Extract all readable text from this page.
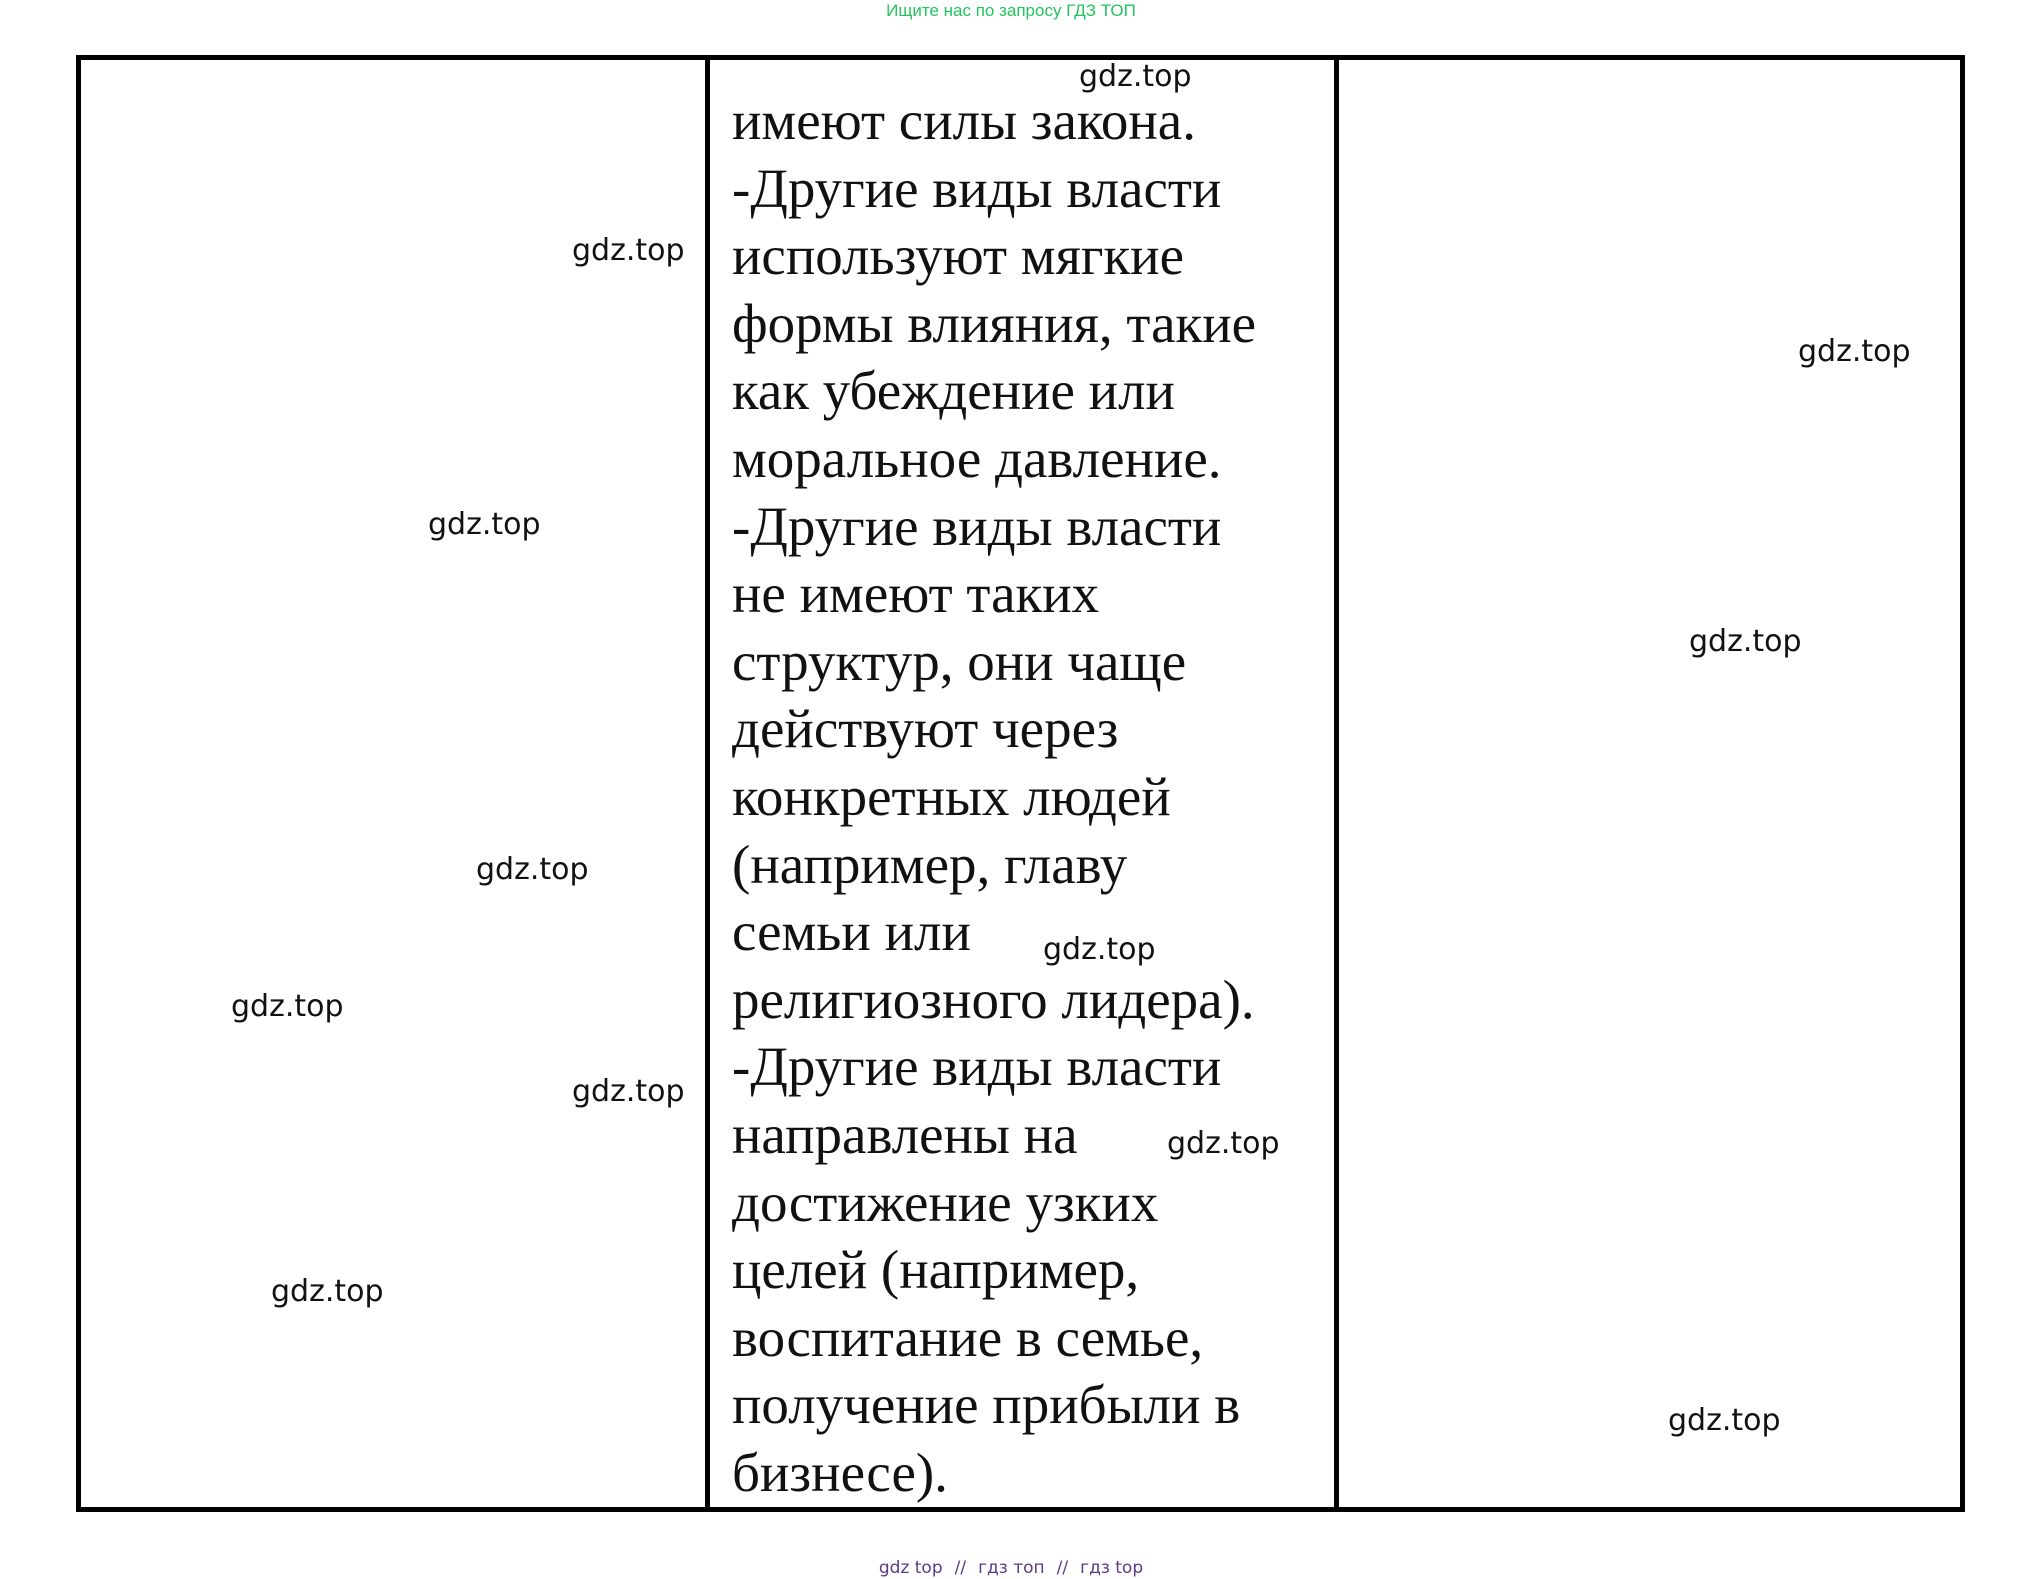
Ищите нас по запросу ГДЗ ТОП
имеют силы закона.
-Другие виды власти
используют мягкие
формы влияния, такие
как убеждение или
моральное давление.
-Другие виды власти
не имеют таких
структур, они чаще
действуют через
конкретных людей
(например, главу
семьи или
религиозного лидера).
-Другие виды власти
направлены на
достижение узких
целей (например,
воспитание в семье,
получение прибыли в
бизнесе).
gdz.top
gdz.top
gdz.top
gdz.top
gdz.top
gdz.top
gdz.top
gdz.top
gdz.top
gdz.top
gdz.top
gdz.top
gdz top // гдз топ // гдз top
